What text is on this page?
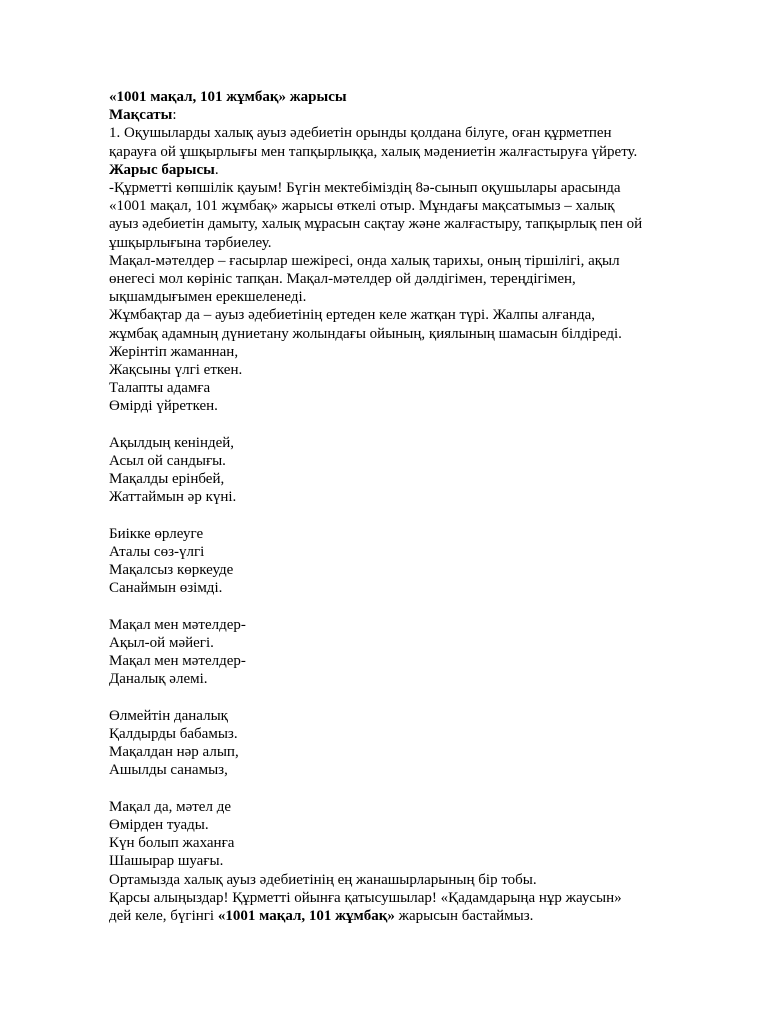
«1001 мақал, 101 жұмбақ» жарысы

Мақсаты:

1. Оқушыларды халық ауыз әдебиетін орынды қолдана білуге, оған құрметпен

қарауға ой ұшқырлығы мен тапқырлыққа, халық мәдениетін жалғастыруға үйрету.

Жарыс барысы.

-Құрметті көпшілік қауым! Бүгін мектебіміздің 8ә-сынып оқушылары арасында

«1001 мақал, 101 жұмбақ» жарысы өткелі отыр. Мұндағы мақсатымыз – халық

ауыз әдебиетін дамыту, халық мұрасын сақтау және жалғастыру, тапқырлық пен ой

ұшқырлығына тәрбиелеу.

Мақал-мәтелдер – ғасырлар шежіресі, онда халық тарихы, оның тіршілігі, ақыл

өнегесі мол көрініс тапқан. Мақал-мәтелдер ой дәлдігімен, тереңдігімен,

ықшамдығымен ерекшеленеді.

Жұмбақтар да – ауыз әдебиетінің ертеден келе жатқан түрі. Жалпы алғанда,

жұмбақ адамның дүниетану жолындағы ойының, қиялының шамасын білдіреді.

Жерінтіп жаманнан,

Жақсыны үлгі еткен.

Талапты адамға

Өмірді үйреткен.

Ақылдың кеніндей,

Асыл ой сандығы.

Мақалды ерінбей,

Жаттаймын әр күні.

Биікке өрлеуге

Аталы сөз-үлгі

Мақалсыз көркеуде

Санаймын өзімді.

Мақал мен мәтелдер-

Ақыл-ой мәйегі.

Мақал мен мәтелдер-

Даналық әлемі.

Өлмейтін даналық

Қалдырды бабамыз.

Мақалдан нәр алып,

Ашылды санамыз,

Мақал да, мәтел де

Өмірден туады.

Күн болып жаханға

Шашырар шуағы.

Ортамызда халық ауыз әдебиетінің ең жанашырларының бір тобы.

Қарсы алыңыздар! Құрметті ойынға қатысушылар! «Қадамдарыңа нұр жаусын»

дей келе, бүгінгі «1001 мақал, 101 жұмбақ» жарысын бастаймыз.
